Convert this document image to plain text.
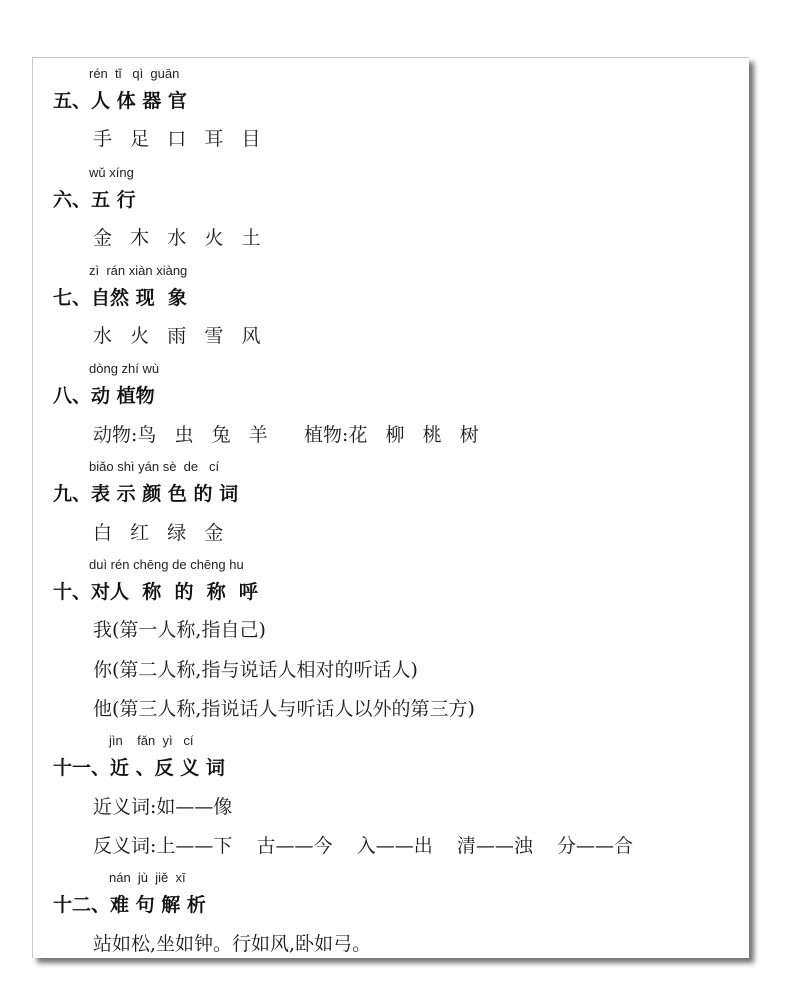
rén  tǐ   qì  guān
五、人 体 器 官
手   足   口   耳   目
wǔ xíng
六、五 行
金   木   水   火   土
zì  rán xiàn xiàng
七、自然 现  象
水   火   雨   雪   风
dòng zhí wù
八、动 植物
动物:鸟   虫   兔   羊      植物:花   柳   桃   树
biǎo shì yán sè  de   cí
九、表 示 颜 色 的 词
白   红   绿   金
duì rén chēng de chēng hu
十、对人  称  的  称  呼
我(第一人称,指自己)
你(第二人称,指与说话人相对的听话人)
他(第三人称,指说话人与听话人以外的第三方)
jìn    fǎn  yì   cí
十一、近 、反 义 词
近义词:如——像
反义词:上——下    古——今    入——出    清——浊    分——合
nán  jù  jiě  xī
十二、难 句 解 析
站如松,坐如钟。行如风,卧如弓。
